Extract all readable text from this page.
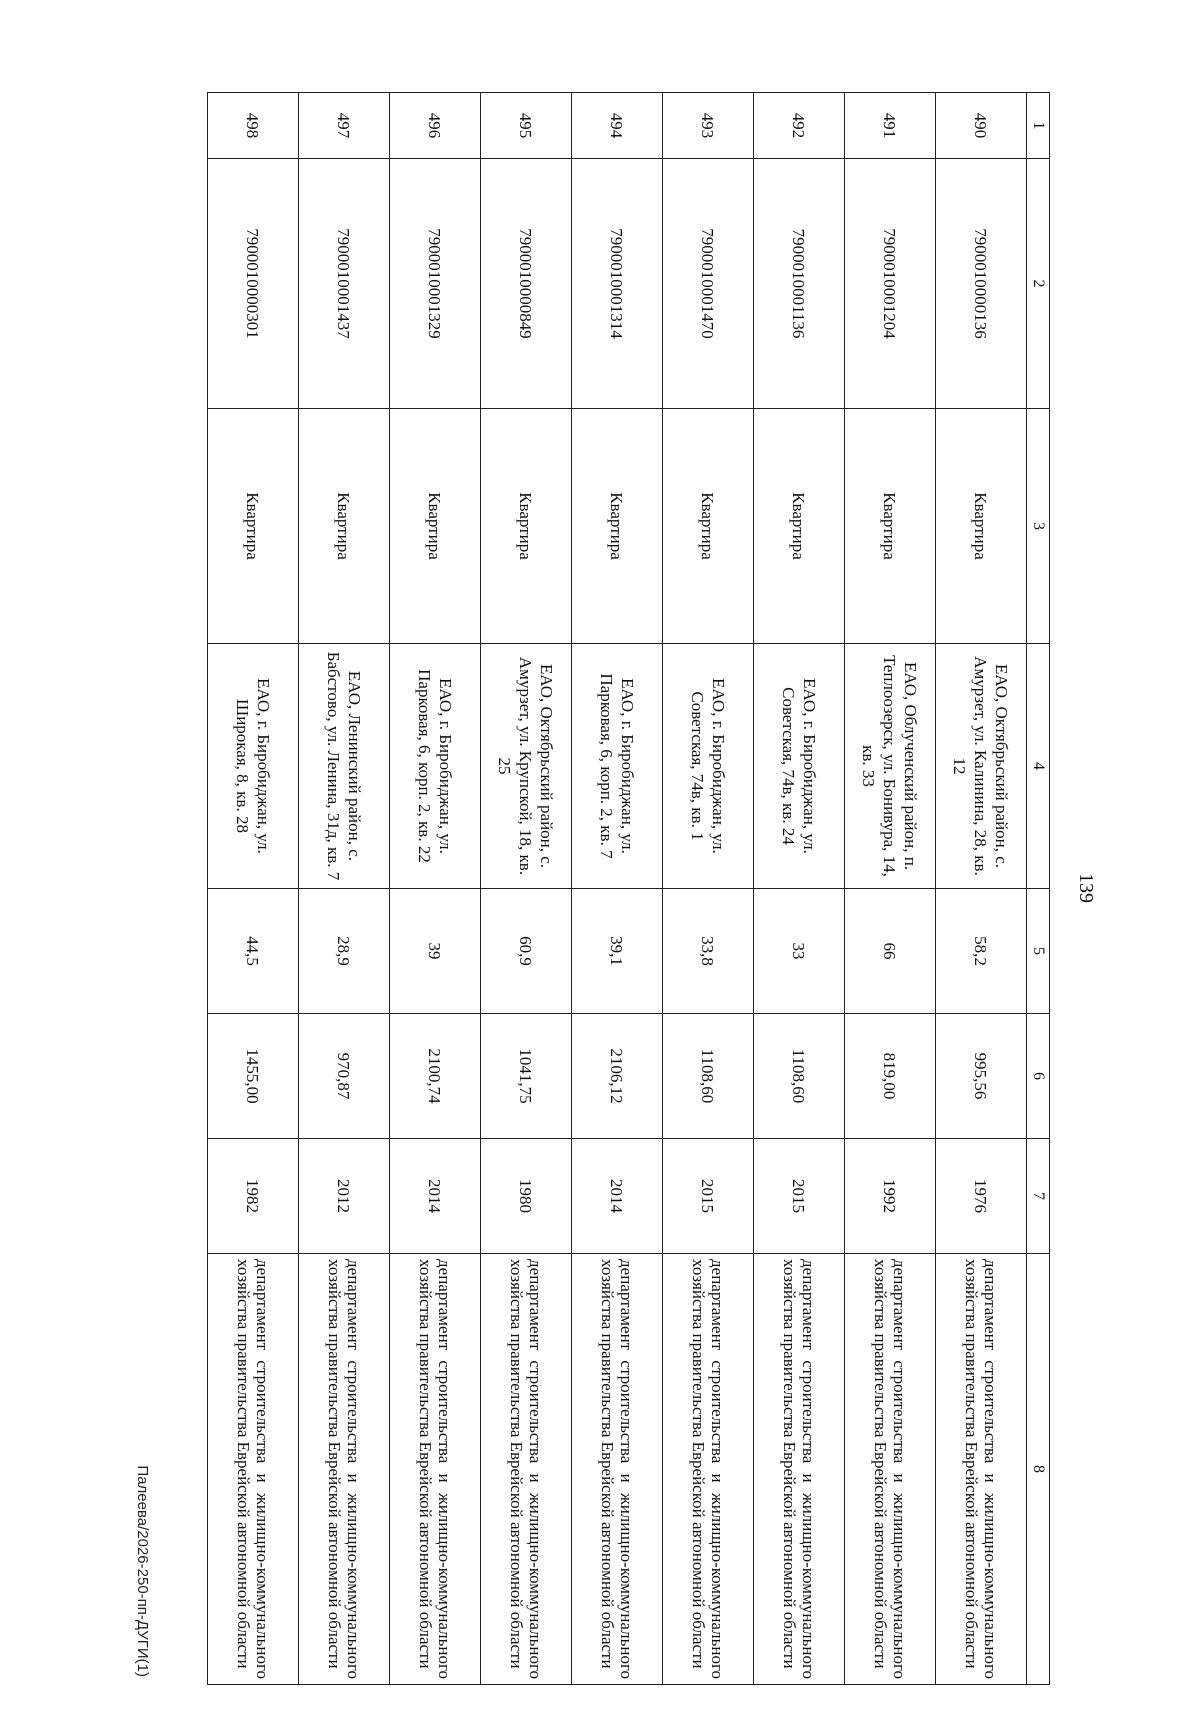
139
1	2	3	4	5	6	7	8
490	7900010000136	Квартира	ЕАО, Октябрьский район, с. Амурзет, ул. Калинина, 28, кв. 12	58,2	995,56	1976	департамент строительства и жилищно-коммунального хозяйства правительства Еврейской автономной области
491	7900010001204	Квартира	ЕАО, Облученский район, п. Теплоозерск, ул. Бонивура, 14, кв. 33	66	819,00	1992	департамент строительства и жилищно-коммунального хозяйства правительства Еврейской автономной области
492	7900010001136	Квартира	ЕАО, г. Биробиджан, ул. Советская, 74в, кв. 24	33	1108,60	2015	департамент строительства и жилищно-коммунального хозяйства правительства Еврейской автономной области
493	7900010001470	Квартира	ЕАО, г. Биробиджан, ул. Советская, 74в, кв. 1	33,8	1108,60	2015	департамент строительства и жилищно-коммунального хозяйства правительства Еврейской автономной области
494	7900010001314	Квартира	ЕАО, г. Биробиджан, ул. Парковая, 6, корп. 2, кв. 7	39,1	2106,12	2014	департамент строительства и жилищно-коммунального хозяйства правительства Еврейской автономной области
495	7900010000849	Квартира	ЕАО, Октябрьский район, с. Амурзет, ул. Крупской, 18, кв. 25	60,9	1041,75	1980	департамент строительства и жилищно-коммунального хозяйства правительства Еврейской автономной области
496	7900010001329	Квартира	ЕАО, г. Биробиджан, ул. Парковая, 6, корп. 2, кв. 22	39	2100,74	2014	департамент строительства и жилищно-коммунального хозяйства правительства Еврейской автономной области
497	7900010001437	Квартира	ЕАО, Ленинский район, с. Бабстово, ул. Ленина, 31д, кв. 7	28,9	970,87	2012	департамент строительства и жилищно-коммунального хозяйства правительства Еврейской автономной области
498	7900010000301	Квартира	ЕАО, г. Биробиджан, ул. Широкая, 8, кв. 28	44,5	1455,00	1982	департамент строительства и жилищно-коммунального хозяйства правительства Еврейской автономной области
Палеева/2026-250-пп-ДУГИ(1)
